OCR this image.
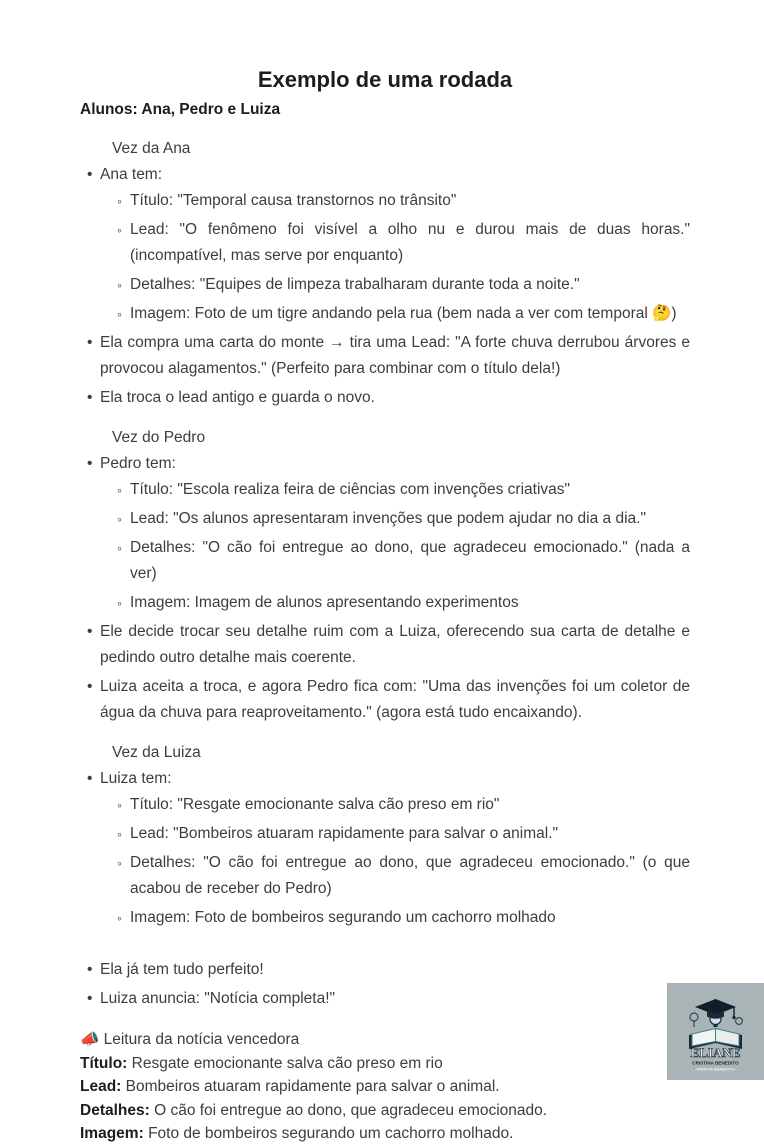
Exemplo de uma rodada
Alunos: Ana, Pedro e Luiza
Vez da Ana
• Ana tem:
◦ Título: "Temporal causa transtornos no trânsito"
◦ Lead: "O fenômeno foi visível a olho nu e durou mais de duas horas." (incompatível, mas serve por enquanto)
◦ Detalhes: "Equipes de limpeza trabalharam durante toda a noite."
◦ Imagem: Foto de um tigre andando pela rua (bem nada a ver com temporal 🤔)
• Ela compra uma carta do monte → tira uma Lead: "A forte chuva derrubou árvores e provocou alagamentos." (Perfeito para combinar com o título dela!)
• Ela troca o lead antigo e guarda o novo.
Vez do Pedro
• Pedro tem:
◦ Título: "Escola realiza feira de ciências com invenções criativas"
◦ Lead: "Os alunos apresentaram invenções que podem ajudar no dia a dia."
◦ Detalhes: "O cão foi entregue ao dono, que agradeceu emocionado." (nada a ver)
◦ Imagem: Imagem de alunos apresentando experimentos
• Ele decide trocar seu detalhe ruim com a Luiza, oferecendo sua carta de detalhe e pedindo outro detalhe mais coerente.
• Luiza aceita a troca, e agora Pedro fica com: "Uma das invenções foi um coletor de água da chuva para reaproveitamento." (agora está tudo encaixando).
Vez da Luiza
• Luiza tem:
◦ Título: "Resgate emocionante salva cão preso em rio"
◦ Lead: "Bombeiros atuaram rapidamente para salvar o animal."
◦ Detalhes: "O cão foi entregue ao dono, que agradeceu emocionado." (o que acabou de receber do Pedro)
◦ Imagem: Foto de bombeiros segurando um cachorro molhado
• Ela já tem tudo perfeito!
• Luiza anuncia: "Notícia completa!"
📣 Leitura da notícia vencedora
Título: Resgate emocionante salva cão preso em rio
Lead: Bombeiros atuaram rapidamente para salvar o animal.
Detalhes: O cão foi entregue ao dono, que agradeceu emocionado.
Imagem: Foto de bombeiros segurando um cachorro molhado.
ELIANE
CRISTINA BENEDITO
-GRISCIA BENEDITO-
